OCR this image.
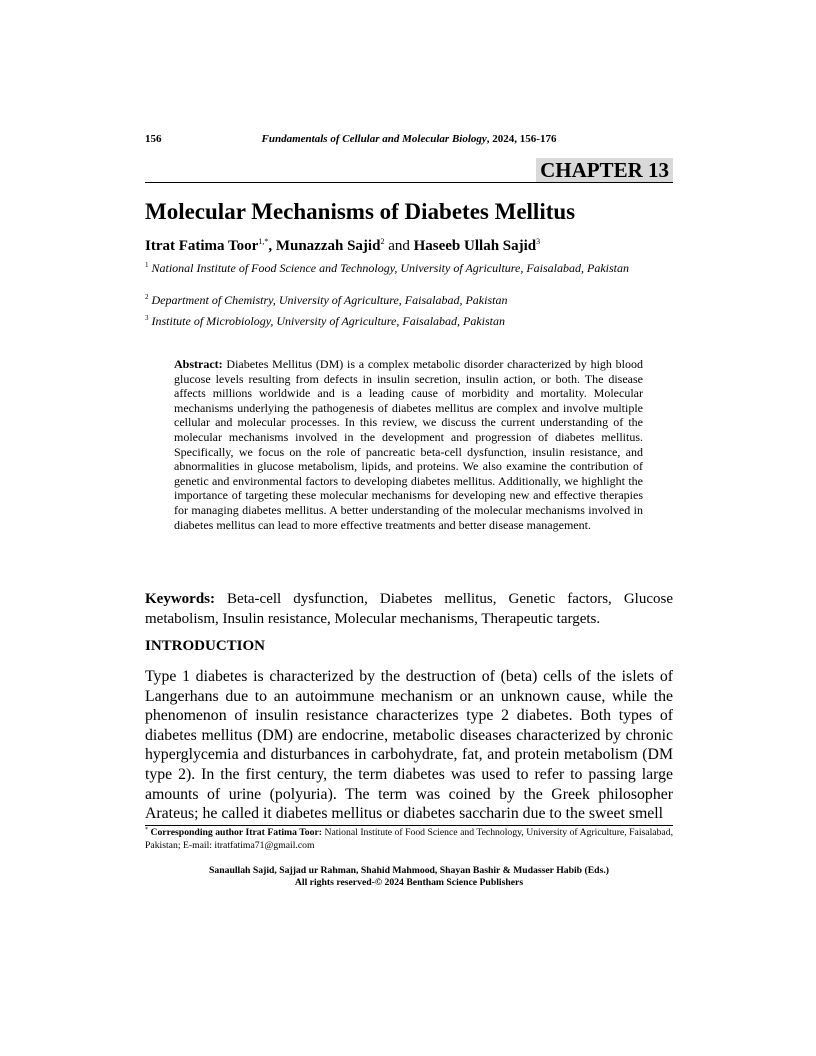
156	Fundamentals of Cellular and Molecular Biology, 2024, 156-176
CHAPTER 13
Molecular Mechanisms of Diabetes Mellitus
Itrat Fatima Toor$^{1,*}$, Munazzah Sajid$^2$ and Haseeb Ullah Sajid$^3$
$^1$ National Institute of Food Science and Technology, University of Agriculture, Faisalabad, Pakistan
$^2$ Department of Chemistry, University of Agriculture, Faisalabad, Pakistan
$^3$ Institute of Microbiology, University of Agriculture, Faisalabad, Pakistan
Abstract: Diabetes Mellitus (DM) is a complex metabolic disorder characterized by high blood glucose levels resulting from defects in insulin secretion, insulin action, or both. The disease affects millions worldwide and is a leading cause of morbidity and mortality. Molecular mechanisms underlying the pathogenesis of diabetes mellitus are complex and involve multiple cellular and molecular processes. In this review, we discuss the current understanding of the molecular mechanisms involved in the development and progression of diabetes mellitus. Specifically, we focus on the role of pancreatic beta-cell dysfunction, insulin resistance, and abnormalities in glucose metabolism, lipids, and proteins. We also examine the contribution of genetic and environmental factors to developing diabetes mellitus. Additionally, we highlight the importance of targeting these molecular mechanisms for developing new and effective therapies for managing diabetes mellitus. A better understanding of the molecular mechanisms involved in diabetes mellitus can lead to more effective treatments and better disease management.
Keywords: Beta-cell dysfunction, Diabetes mellitus, Genetic factors, Glucose metabolism, Insulin resistance, Molecular mechanisms, Therapeutic targets.
INTRODUCTION
Type 1 diabetes is characterized by the destruction of (beta) cells of the islets of Langerhans due to an autoimmune mechanism or an unknown cause, while the phenomenon of insulin resistance characterizes type 2 diabetes. Both types of diabetes mellitus (DM) are endocrine, metabolic diseases characterized by chronic hyperglycemia and disturbances in carbohydrate, fat, and protein metabolism (DM type 2). In the first century, the term diabetes was used to refer to passing large amounts of urine (polyuria). The term was coined by the Greek philosopher Arateus; he called it diabetes mellitus or diabetes saccharin due to the sweet smell
* Corresponding author Itrat Fatima Toor: National Institute of Food Science and Technology, University of Agriculture, Faisalabad, Pakistan; E-mail: itratfatima71@gmail.com
Sanaullah Sajid, Sajjad ur Rahman, Shahid Mahmood, Shayan Bashir & Mudasser Habib (Eds.)
All rights reserved-© 2024 Bentham Science Publishers
